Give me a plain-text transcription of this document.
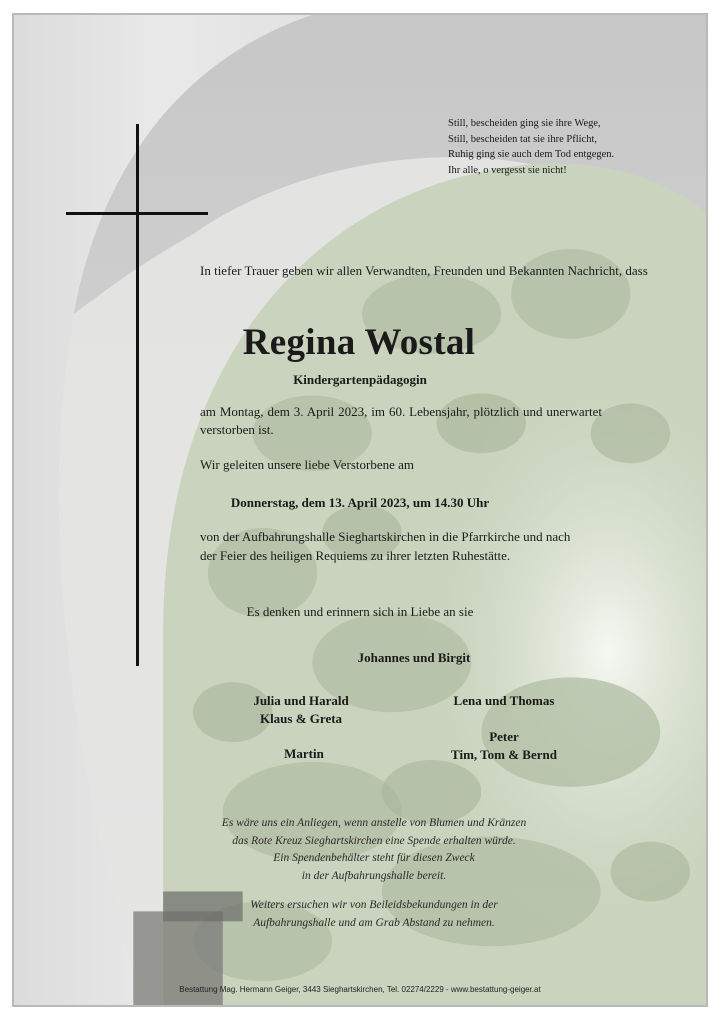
Still, bescheiden ging sie ihre Wege,
Still, bescheiden tat sie ihre Pflicht,
Ruhig ging sie auch dem Tod entgegen.
Ihr alle, o vergesst sie nicht!
In tiefer Trauer geben wir allen Verwandten, Freunden und Bekannten Nachricht, dass
Regina Wostal
Kindergartenpädagogin
am Montag, dem 3. April 2023, im 60. Lebensjahr, plötzlich und unerwartet verstorben ist.
Wir geleiten unsere liebe Verstorbene am
Donnerstag, dem 13. April 2023, um 14.30 Uhr
von der Aufbahrungshalle Sieghartskirchen in die Pfarrkirche und nach
der Feier des heiligen Requiems zu ihrer letzten Ruhestätte.
Es denken und erinnern sich in Liebe an sie
Johannes und Birgit
Julia und Harald
Klaus & Greta
Lena und Thomas
Peter
Martin	Tim, Tom & Bernd
Es wäre uns ein Anliegen, wenn anstelle von Blumen und Kränzen
das Rote Kreuz Sieghartskirchen eine Spende erhalten würde.
Ein Spendenbehälter steht für diesen Zweck
in der Aufbahrungshalle bereit.
Weiters ersuchen wir von Beileidsbekundungen in der
Aufbahrungshalle und am Grab Abstand zu nehmen.
Bestattung Mag. Hermann Geiger, 3443 Sieghartskirchen, Tel. 02274/2229 - www.bestattung-geiger.at
